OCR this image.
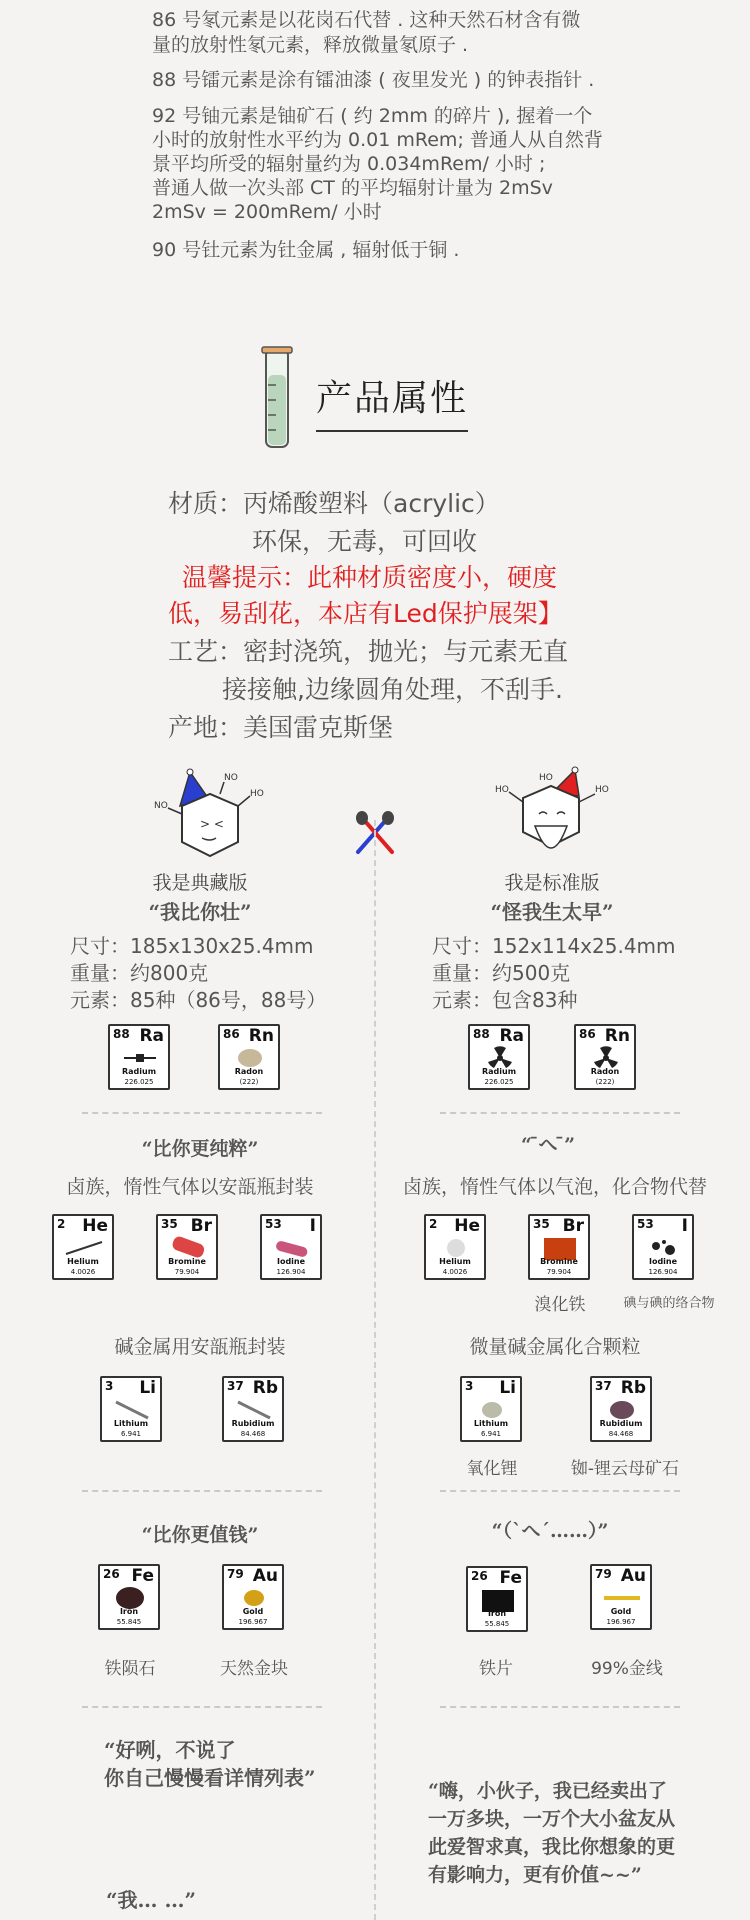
86 号氡元素是以花岗石代替 . 这种天然石材含有微

量的放射性氡元素，释放微量氡原子 .

88 号镭元素是涂有镭油漆 ( 夜里发光 ) 的钟表指针 .

92 号铀元素是铀矿石 ( 约 2mm 的碎片 ), 握着一个

小时的放射性水平约为 0.01 mRem; 普通人从自然背

景平均所受的辐射量约为 0.034mRem/ 小时 ;

普通人做一次头部 CT 的平均辐射计量为 2mSv

2mSv = 200mRem/ 小时

90 号钍元素为钍金属 , 辐射低于铜 .

产品属性
材质：丙烯酸塑料（acrylic）
环保，无毒，可回收
温馨提示：此种材质密度小，硬度
低，易刮花，本店有Led保护展架】
工艺：密封浇筑，抛光；与元素无直
接接触,边缘圆角处理，不刮手.
产地：美国雷克斯堡
> <
NO
NO
HO	HO
HO
HO
我是典藏版
“我比你壮”
尺寸：185x130x25.4mm
重量：约800克
元素：85种（86号，88号）
88 Ra
Radium
226.025
86 Rn
Radon
(222)
“比你更纯粹”
卤族，惰性气体以安瓿瓶封装
2 He
Helium
4.0026
35 Br
Bromine
79.904
53 I
Iodine
126.904
碱金属用安瓿瓶封装
3 Li
Lithium
6.941
37 Rb
Rubidium
84.468
“比你更值钱”
26 Fe
Iron
55.845
79 Au
Gold
196.967
铁陨石	天然金块
“好咧，不说了
你自己慢慢看详情列表”
“我… …”
我是标准版
“怪我生太早”
尺寸：152x114x25.4mm
重量：约500克
元素：包含83种
88 Ra
Radium
226.025
86 Rn
Radon
(222)
“ ̄へ ̄”
卤族，惰性气体以气泡，化合物代替
2 He
Helium
4.0026
35 Br
Bromine
79.904
53 I
Iodine
126.904
溴化铁	碘与碘的络合物
微量碱金属化合颗粒
3 Li
Lithium
6.941
37 Rb
Rubidium
84.468
氧化锂	铷-锂云母矿石
“（`へ´……）”
26 Fe
Iron
55.845
79 Au
Gold
196.967
铁片	99%金线
“嗨，小伙子，我已经卖出了
一万多块，一万个大小盆友从
此爱智求真，我比你想象的更
有影响力，更有价值~~”
